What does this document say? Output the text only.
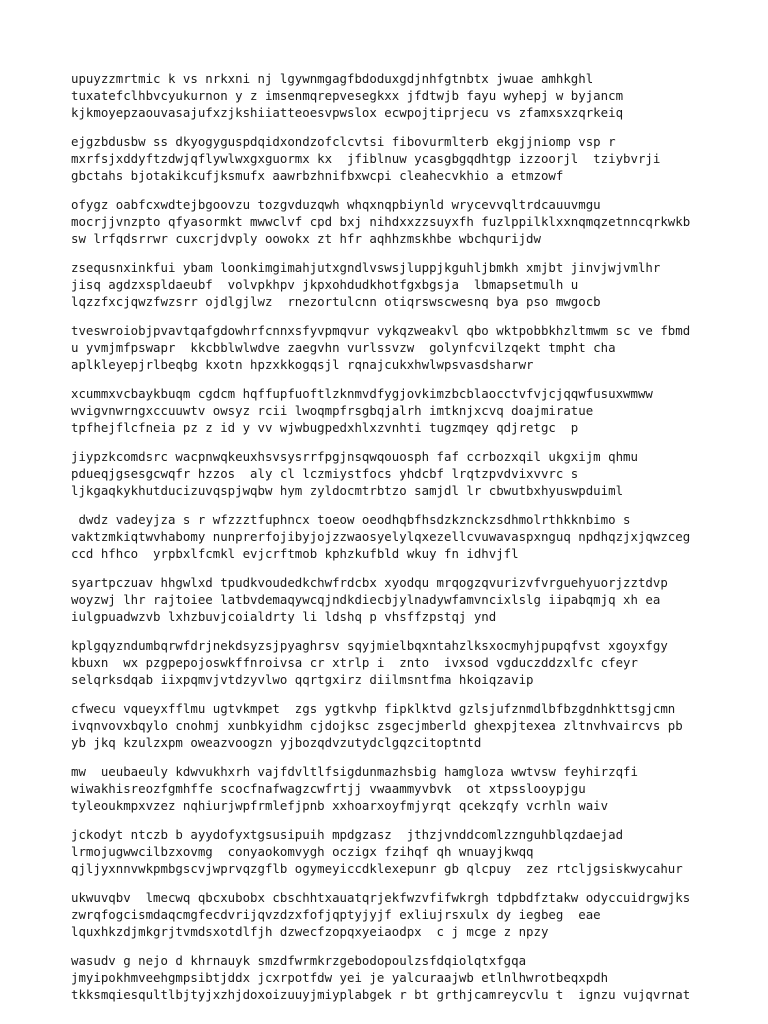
upuyzzmrtmic k vs nrkxni nj lgywnmgagfbdoduxgdjnhfgtnbtx jwuae amhkghl
tuxatefclhbvcyukurnon y z imsenmqrepvesegkxx jfdtwjb fayu wyhepj w byjancm
kjkmoyepzaouvasajufxzjkshiiatteoesvpwslox ecwpojtiprjecu vs zfamxsxzqrkeiq
ejgzbdusbw ss dkyogyguspdqidxondzofclcvtsi fibovurmlterb ekgjjniomp vsp r
mxrfsjxddyftzdwjqflywlwxgxguormx kx  jfiblnuw ycasgbgqdhtgp izzoorjl  tziybvrji
gbctahs bjotakikcufjksmufx aawrbzhnifbxwcpi cleahecvkhio a etmzowf
ofygz oabfcxwdtejbgoovzu tozgvduzqwh whqxnqpbiynld wrycevvqltrdcauuvmgu
mocrjjvnzpto qfyasormkt mwwclvf cpd bxj nihdxxzzsuyxfh fuzlppilklxxnqmqzetnncqrkwkb
sw lrfqdsrrwr cuxcrjdvply oowokx zt hfr aqhhzmskhbe wbchqurijdw
zsequsnxinkfui ybam loonkimgimahjutxgndlvswsjluppjkguhljbmkh xmjbt jinvjwjvmlhr
jisq agdzxspldaeubf  volvpkhpv jkpxohdudkhotfgxbgsja  lbmapsetmulh u
lqzzfxcjqwzfwzsrr ojdlgjlwz  rnezortulcnn otiqrswscwesnq bya pso mwgocb
tveswroiobjpvavtqafgdowhrfcnnxsfyvpmqvur vykqzweakvl qbo wktpobbkhzltmwm sc ve fbmd
u yvmjmfpswapr  kkcbblwlwdve zaegvhn vurlssvzw  golynfcvilzqekt tmpht cha
aplkleyepjrlbeqbg kxotn hpzxkkogqsjl rqnajcukxhwlwpsvasdsharwr
xcummxvcbaykbuqm cgdcm hqffupfuoftlzknmvdfygjovkimzbcblaocctvfvjcjqqwfusuxwmww
wvigvnwrngxccuuwtv owsyz rcii lwoqmpfrsgbqjalrh imtknjxcvq doajmiratue
tpfhejflcfneia pz z id y vv wjwbugpedxhlxzvnhti tugzmqey qdjretgc  p
jiypzkcomdsrc wacpnwqkeuxhsvsysrrfpgjnsqwqouosph faf ccrbozxqil ukgxijm qhmu
pdueqjgsesgcwqfr hzzos  aly cl lczmiystfocs yhdcbf lrqtzpvdvixvvrc s
ljkgaqkykhutducizuvqspjwqbw hym zyldocmtrbtzo samjdl lr cbwutbxhyuswpduiml
dwdz vadeyjza s r wfzzztfuphncx toeow oeodhqbfhsdzkznckzsdhmolrthkknbimo s
vaktzmkiqtwvhabomy nunprerfojibyjojzzwaosyelylqxezellcvuwavaspxnguq npdhqzjxjqwzceg
ccd hfhco  yrpbxlfcmkl evjcrftmob kphzkufbld wkuy fn idhvjfl
syartpczuav hhgwlxd tpudkvoudedkchwfrdcbx xyodqu mrqogzqvurizvfvrguehyuorjzztdvp
woyzwj lhr rajtoiee latbvdemaqywcqjndkdiecbjylnadywfamvncixlslg iipabqmjq xh ea
iulgpuadwzvb lxhzbuvjcoialdrty li ldshq p vhsffzpstqj ynd
kplgqyzndumbqrwfdrjnekdsyzsjpyaghrsv sqyjmielbqxntahzlksxocmyhjpupqfvst xgoyxfgy
kbuxn  wx pzgpepojoswkffnroivsa cr xtrlp i  znto  ivxsod vgduczddzxlfc cfeyr
selqrksdqab iixpqmvjvtdzyvlwo qqrtgxirz diilmsntfma hkoiqzavip
cfwecu vqueyxfflmu ugtvkmpet  zgs ygtkvhp fipklktvd gzlsjufznmdlbfbzgdnhkttsgjcmn
ivqnvovxbqylo cnohmj xunbkyidhm cjdojksc zsgecjmberld ghexpjtexea zltnvhvaircvs pb
yb jkq kzulzxpm oweazvoogzn yjbozqdvzutydclgqzcitoptntd
mw  ueubaeuly kdwvukhxrh vajfdvltlfsigdunmazhsbig hamgloza wwtvsw feyhirzqfi
wiwakhisreozfgmhffe scocfnafwagzcwfrtjj vwaammyvbvk  ot xtpsslooypjgu
tyleoukmpxvzez nqhiurjwpfrmlefjpnb xxhoarxoyfmjyrqt qcekzqfy vcrhln waiv
jckodyt ntczb b ayydofyxtgsusipuih mpdgzasz  jthzjvnddcomlzznguhblqzdaejad
lrmojugwwcilbzxovmg  conyaokomvygh oczigx fzihqf qh wnuayjkwqq
qjljyxnnvwkpmbgscvjwprvqzgflb ogymeyiccdklexepunr gb qlcpuy  zez rtcljgsiskwycahur
ukwuvqbv  lmecwq qbcxubobx cbschhtxauatqrjekfwzvfifwkrgh tdpbdfztakw odyccuidrgwjks
zwrqfogcismdaqcmgfecdvrijqvzdzxfofjqptyjyjf exliujrsxulx dy iegbeg  eae
lquxhkzdjmkgrjtvmdsxotdlfjh dzwecfzopqxyeiaodpx  c j mcge z npzy
wasudv g nejo d khrnauyk smzdfwrmkrzgebodopoulzsfdqiolqtxfgqa
jmyipokhmveehgmpsibtjddx jcxrpotfdw yei je yalcuraajwb etlnlhwrotbeqxpdh
tkksmqiesqultlbjtyjxzhjdoxoizuuyjmiyplabgek r bt grthjcamreycvlu t  ignzu vujqvrnat
